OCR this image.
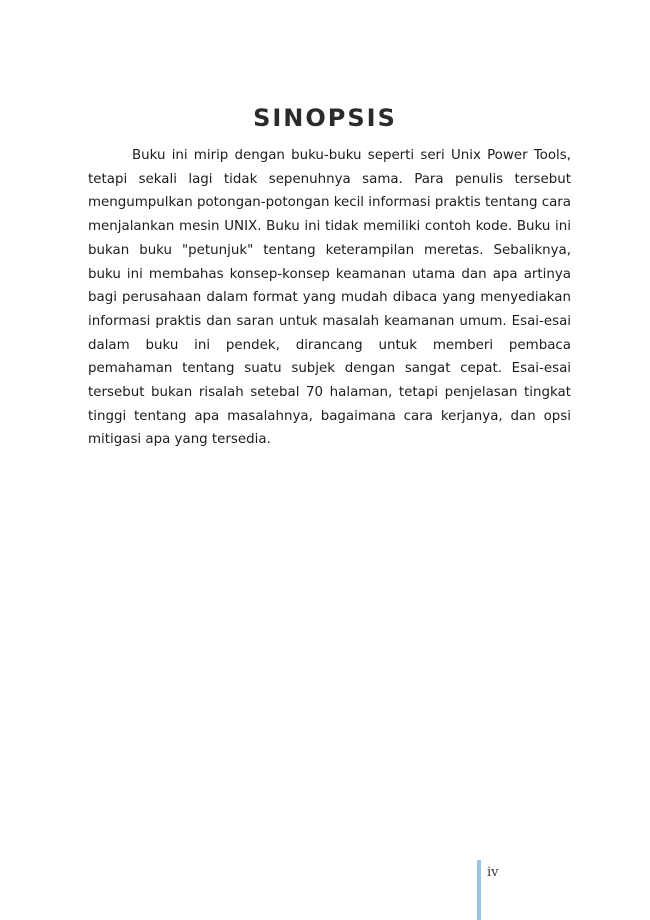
SINOPSIS

Buku ini mirip dengan buku-buku seperti seri Unix Power Tools, tetapi sekali lagi tidak sepenuhnya sama. Para penulis tersebut mengumpulkan potongan-potongan kecil informasi praktis tentang cara menjalankan mesin UNIX. Buku ini tidak memiliki contoh kode. Buku ini bukan buku "petunjuk" tentang keterampilan meretas. Sebaliknya, buku ini membahas konsep-konsep keamanan utama dan apa artinya bagi perusahaan dalam format yang mudah dibaca yang menyediakan informasi praktis dan saran untuk masalah keamanan umum. Esai-esai dalam buku ini pendek, dirancang untuk memberi pembaca pemahaman tentang suatu subjek dengan sangat cepat. Esai-esai tersebut bukan risalah setebal 70 halaman, tetapi penjelasan tingkat tinggi tentang apa masalahnya, bagaimana cara kerjanya, dan opsi mitigasi apa yang tersedia.

iv
